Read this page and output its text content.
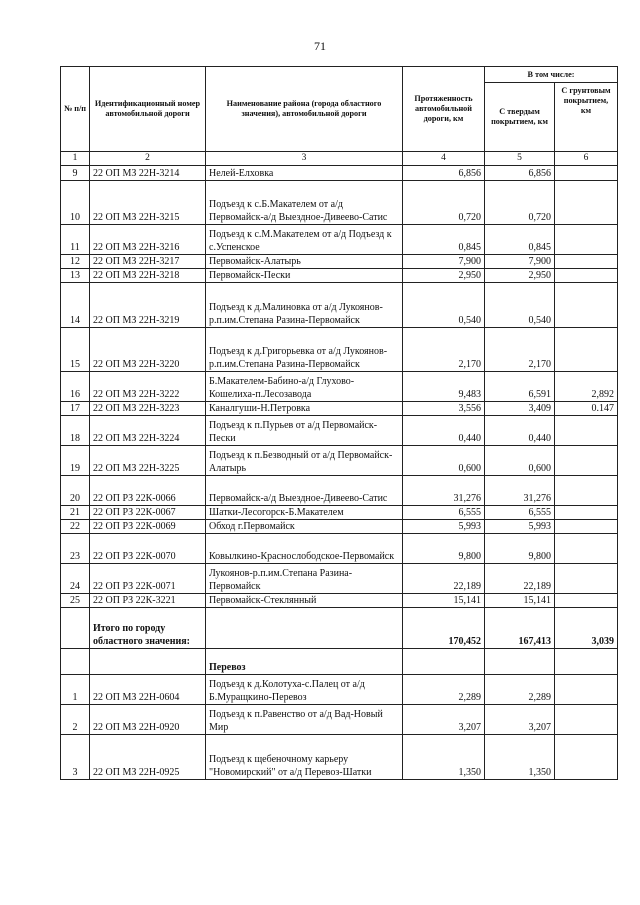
71
№ п/п	Идентификационный номер автомобильной дороги	Наименование района (города областного значения), автомобильной дороги	Протяженность автомобильной дороги, км	В том числе:	
				С твердым покрытием, км	С грунтовым покрытием, км
1	2	3	4	5	6
9	22 ОП МЗ 22Н-3214	Нелей-Елховка	6,856	6,856	
10	22 ОП МЗ 22Н-3215	Подъезд к с.Б.Макателем от а/д Первомайск-а/д Выездное-Дивеево-Сатис	0,720	0,720	
11	22 ОП МЗ 22Н-3216	Подъезд к с.М.Макателем от а/д Подъезд к с.Успенское	0,845	0,845	
12	22 ОП МЗ 22Н-3217	Первомайск-Алатырь	7,900	7,900	
13	22 ОП МЗ 22Н-3218	Первомайск-Пески	2,950	2,950	
14	22 ОП МЗ 22Н-3219	Подъезд к д.Малиновка от а/д Лукоянов-р.п.им.Степана Разина-Первомайск	0,540	0,540	
15	22 ОП МЗ 22Н-3220	Подъезд к д.Григорьевка от а/д Лукоянов-р.п.им.Степана Разина-Первомайск	2,170	2,170	
16	22 ОП МЗ 22Н-3222	Б.Макателем-Бабино-а/д Глухово-Кошелиха-п.Лесозавода	9,483	6,591	2,892
17	22 ОП МЗ 22Н-3223	Каналгуши-Н.Петровка	3,556	3,409	0.147
18	22 ОП МЗ 22Н-3224	Подъезд к п.Пурьев от а/д Первомайск-Пески	0,440	0,440	
19	22 ОП МЗ 22Н-3225	Подъезд к п.Безводный от а/д Первомайск-Алатырь	0,600	0,600	
20	22 ОП РЗ 22К-0066	Первомайск-а/д Выездное-Дивеево-Сатис	31,276	31,276	
21	22 ОП РЗ 22К-0067	Шатки-Лесогорск-Б.Макателем	6,555	6,555	
22	22 ОП РЗ 22К-0069	Обход г.Первомайск	5,993	5,993	
23	22 ОП РЗ 22К-0070	Ковылкино-Краснослободское-Первомайск	9,800	9,800	
24	22 ОП РЗ 22К-0071	Лукоянов-р.п.им.Степана Разина-Первомайск	22,189	22,189	
25	22 ОП РЗ 22К-3221	Первомайск-Стеклянный	15,141	15,141	
	Итого по городу областного значения:		170,452	167,413	3,039
		Перевоз			
1	22 ОП МЗ 22Н-0604	Подъезд к д.Колотуха-с.Палец от а/д Б.Муращкино-Перевоз	2,289	2,289	
2	22 ОП МЗ 22Н-0920	Подъезд к п.Равенство от а/д Вад-Новый Мир	3,207	3,207	
3	22 ОП МЗ 22Н-0925	Подъезд к щебеночному карьеру "Новомирский" от а/д Перевоз-Шатки	1,350	1,350	
